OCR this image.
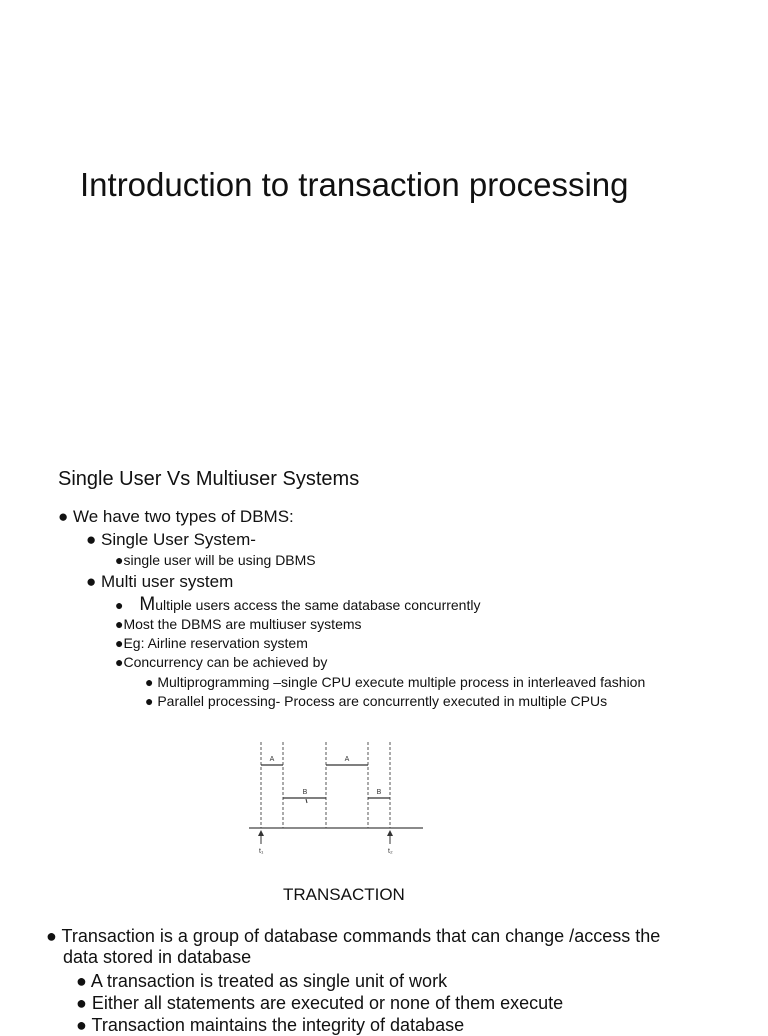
Introduction to transaction processing
Single User Vs Multiuser Systems
● We have two types of DBMS:
● Single User System-
●single user will be using DBMS
● Multi user system
● Multiple users access the same database concurrently
●Most the DBMS are multiuser systems
●Eg: Airline reservation system
●Concurrency can be achieved by
● Multiprogramming –single CPU execute multiple process in interleaved fashion
● Parallel processing- Process are concurrently executed in multiple CPUs
A
B
A
B
t₁	t₂
TRANSACTION
● Transaction is a group of database commands that can change /access the
data stored in database
● A transaction is treated as single unit of work
● Either all statements are executed or none of them execute
● Transaction maintains the integrity of database
